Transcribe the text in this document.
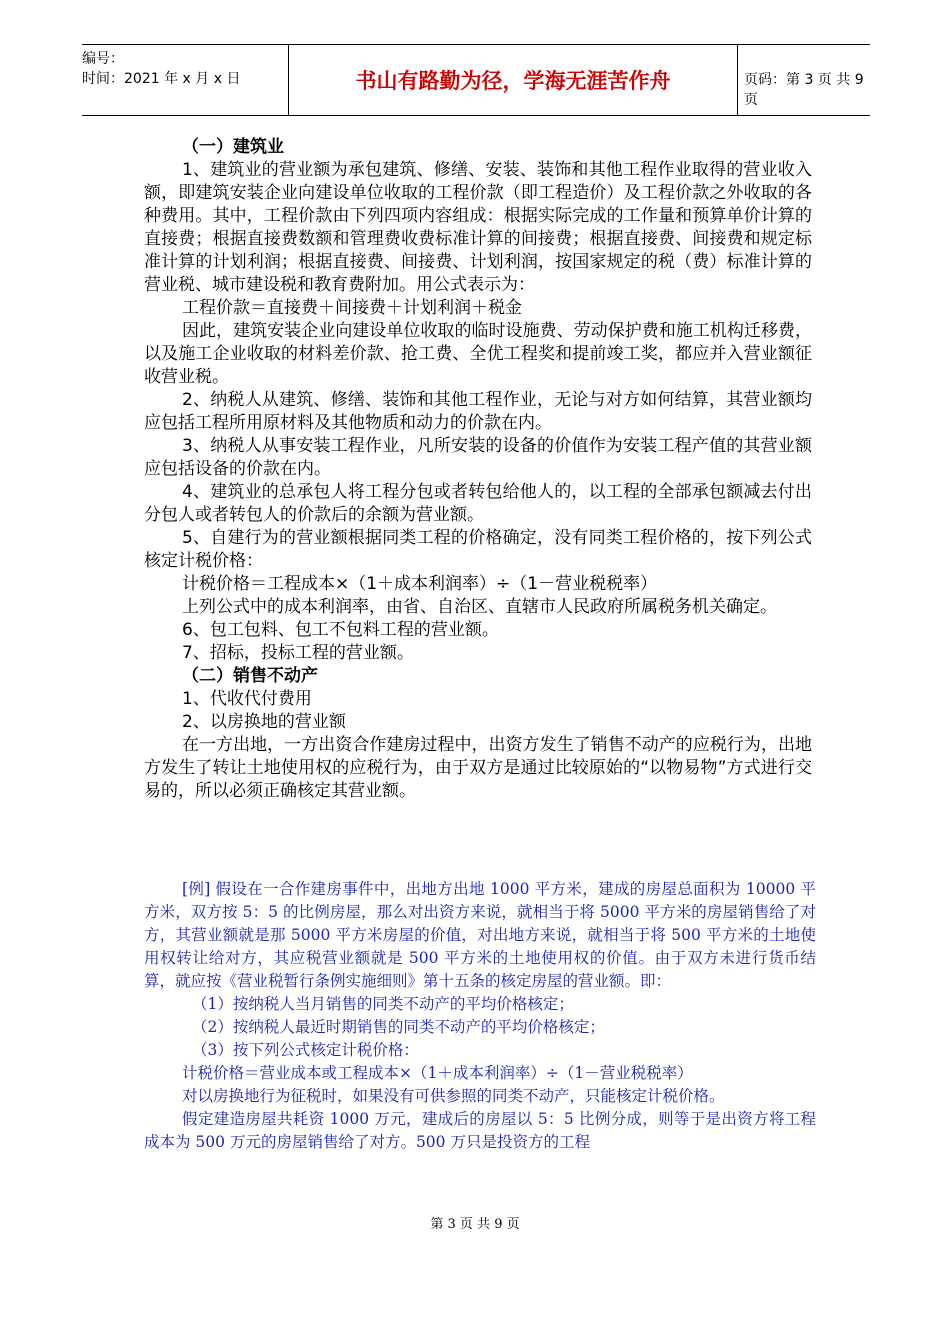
编号：
时间：2021 年 x 月 x 日	书山有路勤为径，学海无涯苦作舟	页码：第 3 页 共 9 页

（一）建筑业

1、建筑业的营业额为承包建筑、修缮、安装、装饰和其他工程作业取得的营业收入额，即建筑安装企业向建设单位收取的工程价款（即工程造价）及工程价款之外收取的各种费用。其中，工程价款由下列四项内容组成：根据实际完成的工作量和预算单价计算的直接费；根据直接费数额和管理费收费标准计算的间接费；根据直接费、间接费和规定标准计算的计划利润；根据直接费、间接费、计划利润，按国家规定的税（费）标准计算的营业税、城市建设税和教育费附加。用公式表示为：

工程价款＝直接费＋间接费＋计划利润＋税金

因此，建筑安装企业向建设单位收取的临时设施费、劳动保护费和施工机构迁移费，以及施工企业收取的材料差价款、抢工费、全优工程奖和提前竣工奖，都应并入营业额征收营业税。

2、纳税人从建筑、修缮、装饰和其他工程作业，无论与对方如何结算，其营业额均应包括工程所用原材料及其他物质和动力的价款在内。

3、纳税人从事安装工程作业，凡所安装的设备的价值作为安装工程产值的其营业额应包括设备的价款在内。

4、建筑业的总承包人将工程分包或者转包给他人的，以工程的全部承包额减去付出分包人或者转包人的价款后的余额为营业额。

5、自建行为的营业额根据同类工程的价格确定，没有同类工程价格的，按下列公式核定计税价格：

计税价格＝工程成本×（1＋成本利润率）÷（1－营业税税率）

上列公式中的成本利润率，由省、自治区、直辖市人民政府所属税务机关确定。

6、包工包料、包工不包料工程的营业额。

7、招标，投标工程的营业额。

（二）销售不动产

1、代收代付费用

2、以房换地的营业额

在一方出地，一方出资合作建房过程中，出资方发生了销售不动产的应税行为，出地方发生了转让土地使用权的应税行为，由于双方是通过比较原始的“以物易物”方式进行交易的，所以必须正确核定其营业额。

[例] 假设在一合作建房事件中，出地方出地 1000 平方米，建成的房屋总面积为 10000 平方米，双方按 5：5 的比例房屋，那么对出资方来说，就相当于将 5000 平方米的房屋销售给了对方，其营业额就是那 5000 平方米房屋的价值，对出地方来说，就相当于将 500 平方米的土地使用权转让给对方，其应税营业额就是 500 平方米的土地使用权的价值。由于双方未进行货币结算，就应按《营业税暂行条例实施细则》第十五条的核定房屋的营业额。即：

（1）按纳税人当月销售的同类不动产的平均价格核定；

（2）按纳税人最近时期销售的同类不动产的平均价格核定；

（3）按下列公式核定计税价格：

计税价格＝营业成本或工程成本×（1＋成本利润率）÷（1－营业税税率）

对以房换地行为征税时，如果没有可供参照的同类不动产，只能核定计税价格。

假定建造房屋共耗资 1000 万元，建成后的房屋以 5：5 比例分成，则等于是出资方将工程成本为 500 万元的房屋销售给了对方。500 万只是投资方的工程

第 3 页 共 9 页
